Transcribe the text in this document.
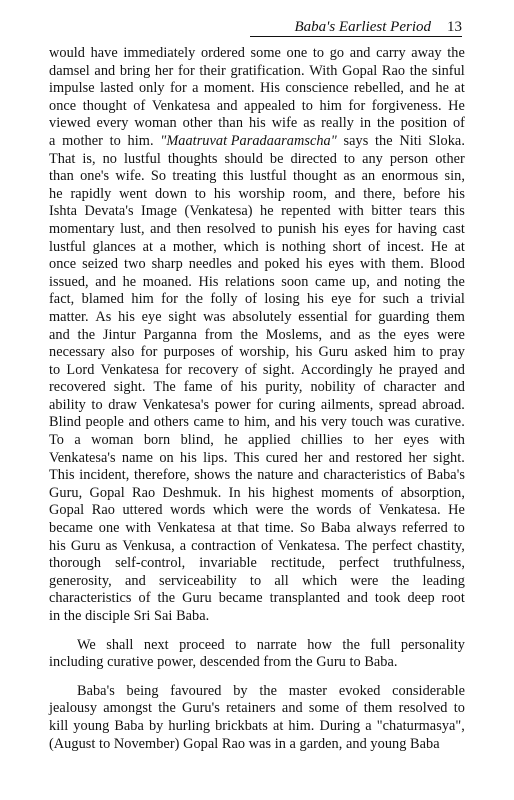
Baba's Earliest Period 13
would have immediately ordered some one to go and carry away the
damsel and bring her for their gratification. With Gopal Rao the sinful
impulse lasted only for a moment. His conscience rebelled, and he at
once thought of Venkatesa and appealed to him for forgiveness. He
viewed every woman other than his wife as really in the position of
a mother to him. "Maatruvat Paradaaramscha" says the Niti Sloka.
That is, no lustful thoughts should be directed to any person other
than one's wife. So treating this lustful thought as an enormous sin,
he rapidly went down to his worship room, and there, before his
Ishta Devata's Image (Venkatesa) he repented with bitter tears this
momentary lust, and then resolved to punish his eyes for having cast
lustful glances at a mother, which is nothing short of incest. He at
once seized two sharp needles and poked his eyes with them. Blood
issued, and he moaned. His relations soon came up, and noting the
fact, blamed him for the folly of losing his eye for such a trivial
matter. As his eye sight was absolutely essential for guarding them
and the Jintur Parganna from the Moslems, and as the eyes were
necessary also for purposes of worship, his Guru asked him to pray
to Lord Venkatesa for recovery of sight. Accordingly he prayed and
recovered sight. The fame of his purity, nobility of character and
ability to draw Venkatesa's power for curing ailments, spread abroad.
Blind people and others came to him, and his very touch was curative.
To a woman born blind, he applied chillies to her eyes with
Venkatesa's name on his lips. This cured her and restored her sight.
This incident, therefore, shows the nature and characteristics of Baba's
Guru, Gopal Rao Deshmuk. In his highest moments of absorption,
Gopal Rao uttered words which were the words of Venkatesa. He
became one with Venkatesa at that time. So Baba always referred to
his Guru as Venkusa, a contraction of Venkatesa. The perfect chastity,
thorough self-control, invariable rectitude, perfect truthfulness,
generosity, and serviceability to all which were the leading
characteristics of the Guru became transplanted and took deep root
in the disciple Sri Sai Baba.
We shall next proceed to narrate how the full personality
including curative power, descended from the Guru to Baba.
Baba's being favoured by the master evoked considerable
jealousy amongst the Guru's retainers and some of them resolved to
kill young Baba by hurling brickbats at him. During a "chaturmasya",
(August to November) Gopal Rao was in a garden, and young Baba
